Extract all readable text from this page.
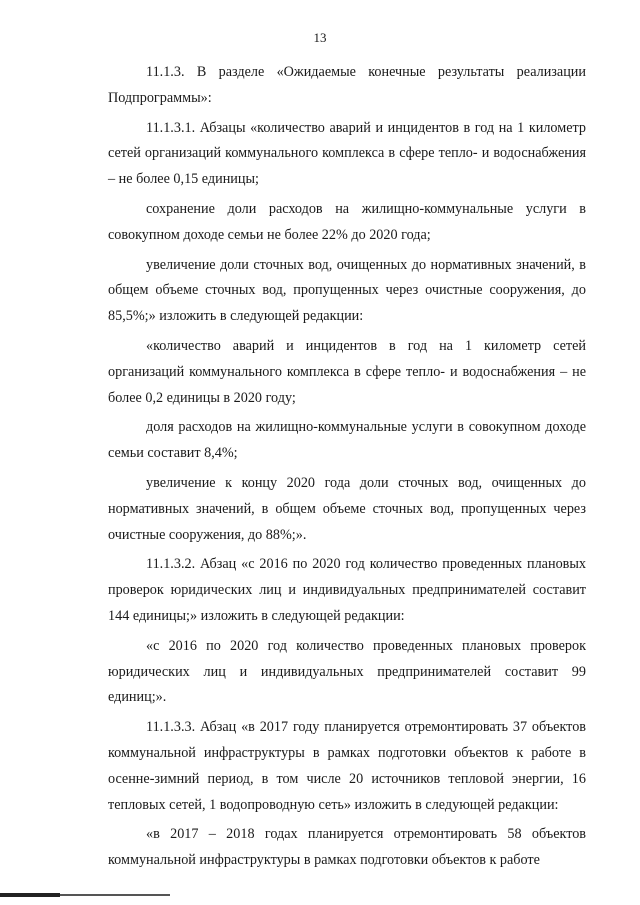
13

11.1.3. В разделе «Ожидаемые конечные результаты реализации Подпрограммы»:

11.1.3.1. Абзацы «количество аварий и инцидентов в год на 1 километр сетей организаций коммунального комплекса в сфере тепло- и водоснабжения – не более 0,15 единицы;

сохранение доли расходов на жилищно-коммунальные услуги в совокупном доходе семьи не более 22% до 2020 года;

увеличение доли сточных вод, очищенных до нормативных значений, в общем объеме сточных вод, пропущенных через очистные сооружения, до 85,5%;» изложить в следующей редакции:

«количество аварий и инцидентов в год на 1 километр сетей организаций коммунального комплекса в сфере тепло- и водоснабжения – не более 0,2 единицы в 2020 году;

доля расходов на жилищно-коммунальные услуги в совокупном доходе семьи составит 8,4%;

увеличение к концу 2020 года доли сточных вод, очищенных до нормативных значений, в общем объеме сточных вод, пропущенных через очистные сооружения, до 88%;».

11.1.3.2. Абзац «с 2016 по 2020 год количество проведенных плановых проверок юридических лиц и индивидуальных предпринимателей составит 144 единицы;» изложить в следующей редакции:

«с 2016 по 2020 год количество проведенных плановых проверок юридических лиц и индивидуальных предпринимателей составит 99 единиц;».

11.1.3.3. Абзац «в 2017 году планируется отремонтировать 37 объектов коммунальной инфраструктуры в рамках подготовки объектов к работе в осенне-зимний период, в том числе 20 источников тепловой энергии, 16 тепловых сетей, 1 водопроводную сеть» изложить в следующей редакции:

«в 2017 – 2018 годах планируется отремонтировать 58 объектов коммунальной инфраструктуры в рамках подготовки объектов к работе
